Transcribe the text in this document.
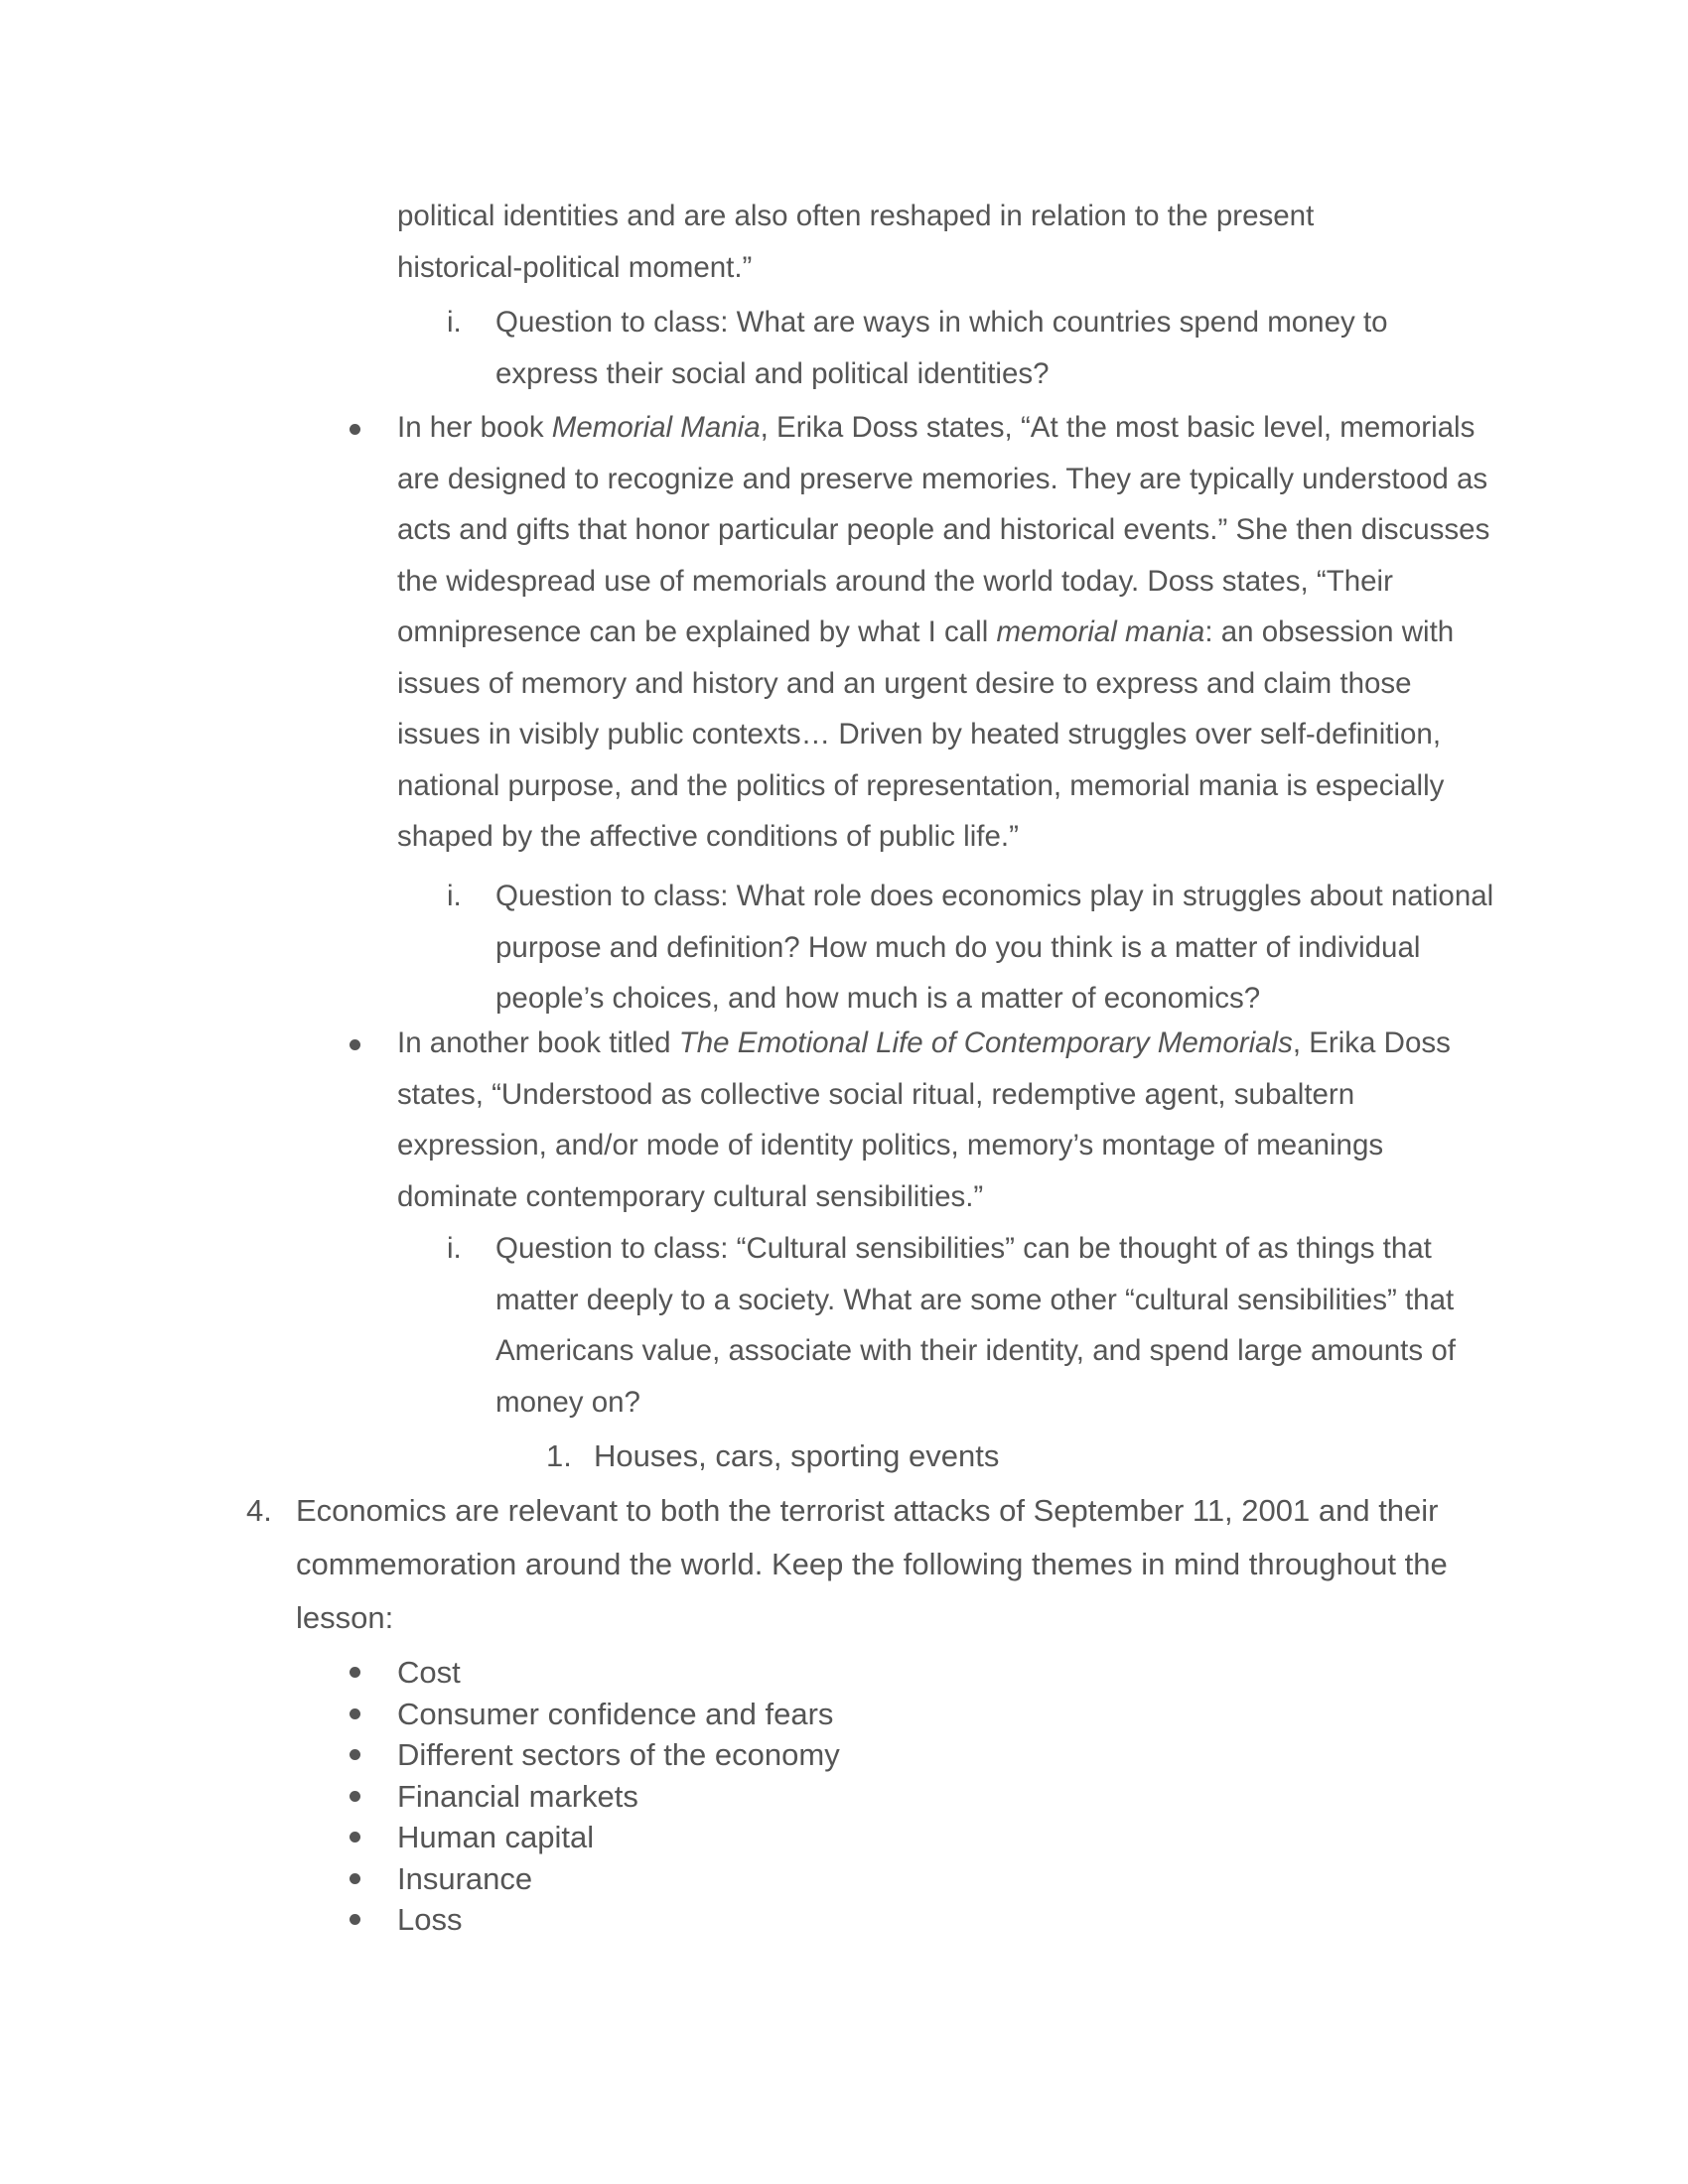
political identities and are also often reshaped in relation to the present

historical-political moment.”

i. Question to class: What are ways in which countries spend money to

express their social and political identities?

In her book Memorial Mania, Erika Doss states, “At the most basic level, memorials

are designed to recognize and preserve memories. They are typically understood as

acts and gifts that honor particular people and historical events.” She then discusses

the widespread use of memorials around the world today. Doss states, “Their

omnipresence can be explained by what I call memorial mania: an obsession with

issues of memory and history and an urgent desire to express and claim those

issues in visibly public contexts… Driven by heated struggles over self-definition,

national purpose, and the politics of representation, memorial mania is especially

shaped by the affective conditions of public life.”

i. Question to class: What role does economics play in struggles about national

purpose and definition? How much do you think is a matter of individual

people’s choices, and how much is a matter of economics?

In another book titled The Emotional Life of Contemporary Memorials, Erika Doss

states, “Understood as collective social ritual, redemptive agent, subaltern

expression, and/or mode of identity politics, memory’s montage of meanings

dominate contemporary cultural sensibilities.”

i. Question to class: “Cultural sensibilities” can be thought of as things that

matter deeply to a society. What are some other “cultural sensibilities” that

Americans value, associate with their identity, and spend large amounts of

money on?

1. Houses, cars, sporting events

4. Economics are relevant to both the terrorist attacks of September 11, 2001 and their

commemoration around the world. Keep the following themes in mind throughout the

lesson:

Cost

Consumer confidence and fears

Different sectors of the economy

Financial markets

Human capital

Insurance

Loss
